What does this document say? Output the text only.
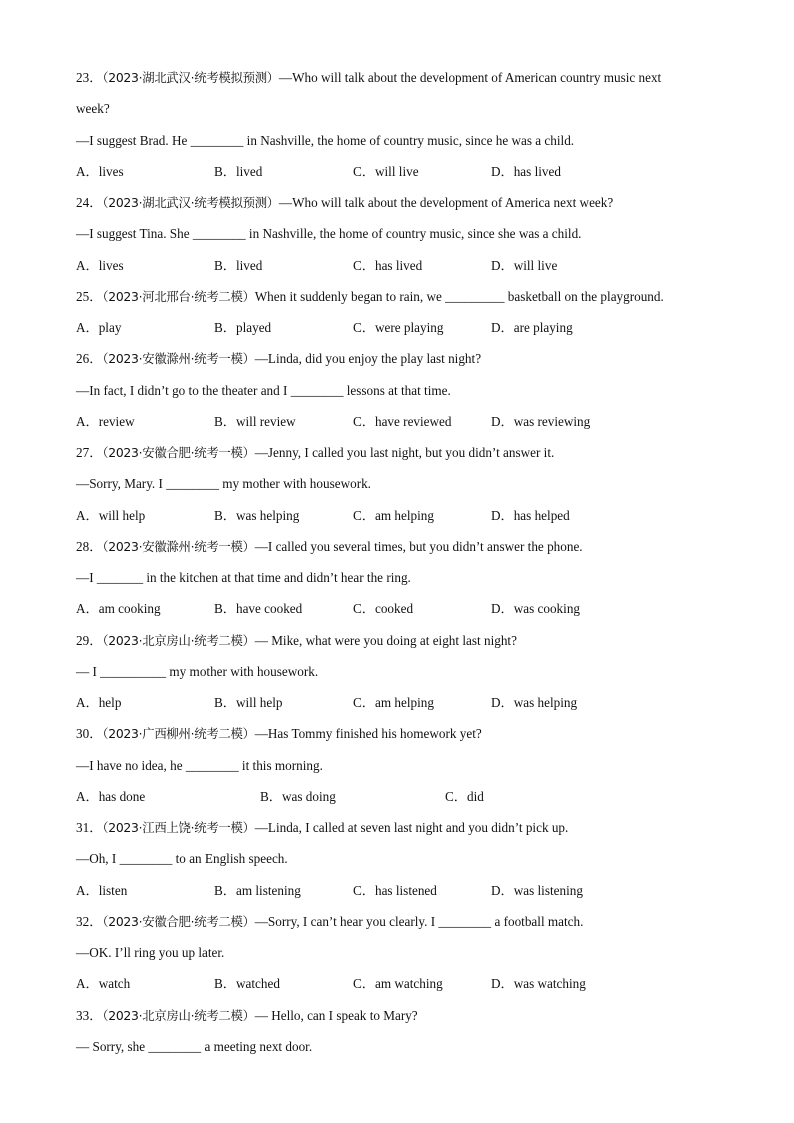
23．（2023·湖北武汉·统考模拟预测）—Who will talk about the development of American country music next
week?
—I suggest Brad. He ________ in Nashville, the home of country music, since he was a child.
A．lives	B．lived	C．will live	D．has lived
24．（2023·湖北武汉·统考模拟预测）—Who will talk about the development of America next week?
—I suggest Tina. She ________ in Nashville, the home of country music, since she was a child.
A．lives	B．lived	C．has lived	D．will live
25．（2023·河北邢台·统考二模）When it suddenly began to rain, we _________ basketball on the playground.
A．play	B．played	C．were playing	D．are playing
26．（2023·安徽滁州·统考一模）—Linda, did you enjoy the play last night?
—In fact, I didn’t go to the theater and I ________ lessons at that time.
A．review	B．will review	C．have reviewed	D．was reviewing
27．（2023·安徽合肥·统考一模）—Jenny, I called you last night, but you didn’t answer it.
—Sorry, Mary. I ________ my mother with housework.
A．will help	B．was helping	C．am helping	D．has helped
28．（2023·安徽滁州·统考一模）—I called you several times, but you didn’t answer the phone.
—I _______ in the kitchen at that time and didn’t hear the ring.
A．am cooking	B．have cooked	C．cooked	D．was cooking
29．（2023·北京房山·统考二模）— Mike, what were you doing at eight last night?
— I __________ my mother with housework.
A．help	B．will help	C．am helping	D．was helping
30．（2023·广西柳州·统考二模）—Has Tommy finished his homework yet?
—I have no idea, he ________ it this morning.
A．has done	B．was doing	C．did
31．（2023·江西上饶·统考一模）—Linda, I called at seven last night and you didn’t pick up.
—Oh, I ________ to an English speech.
A．listen	B．am listening	C．has listened	D．was listening
32．（2023·安徽合肥·统考二模）—Sorry, I can’t hear you clearly. I ________ a football match.
—OK. I’ll ring you up later.
A．watch	B．watched	C．am watching	D．was watching
33．（2023·北京房山·统考二模）— Hello, can I speak to Mary?
— Sorry, she ________ a meeting next door.
